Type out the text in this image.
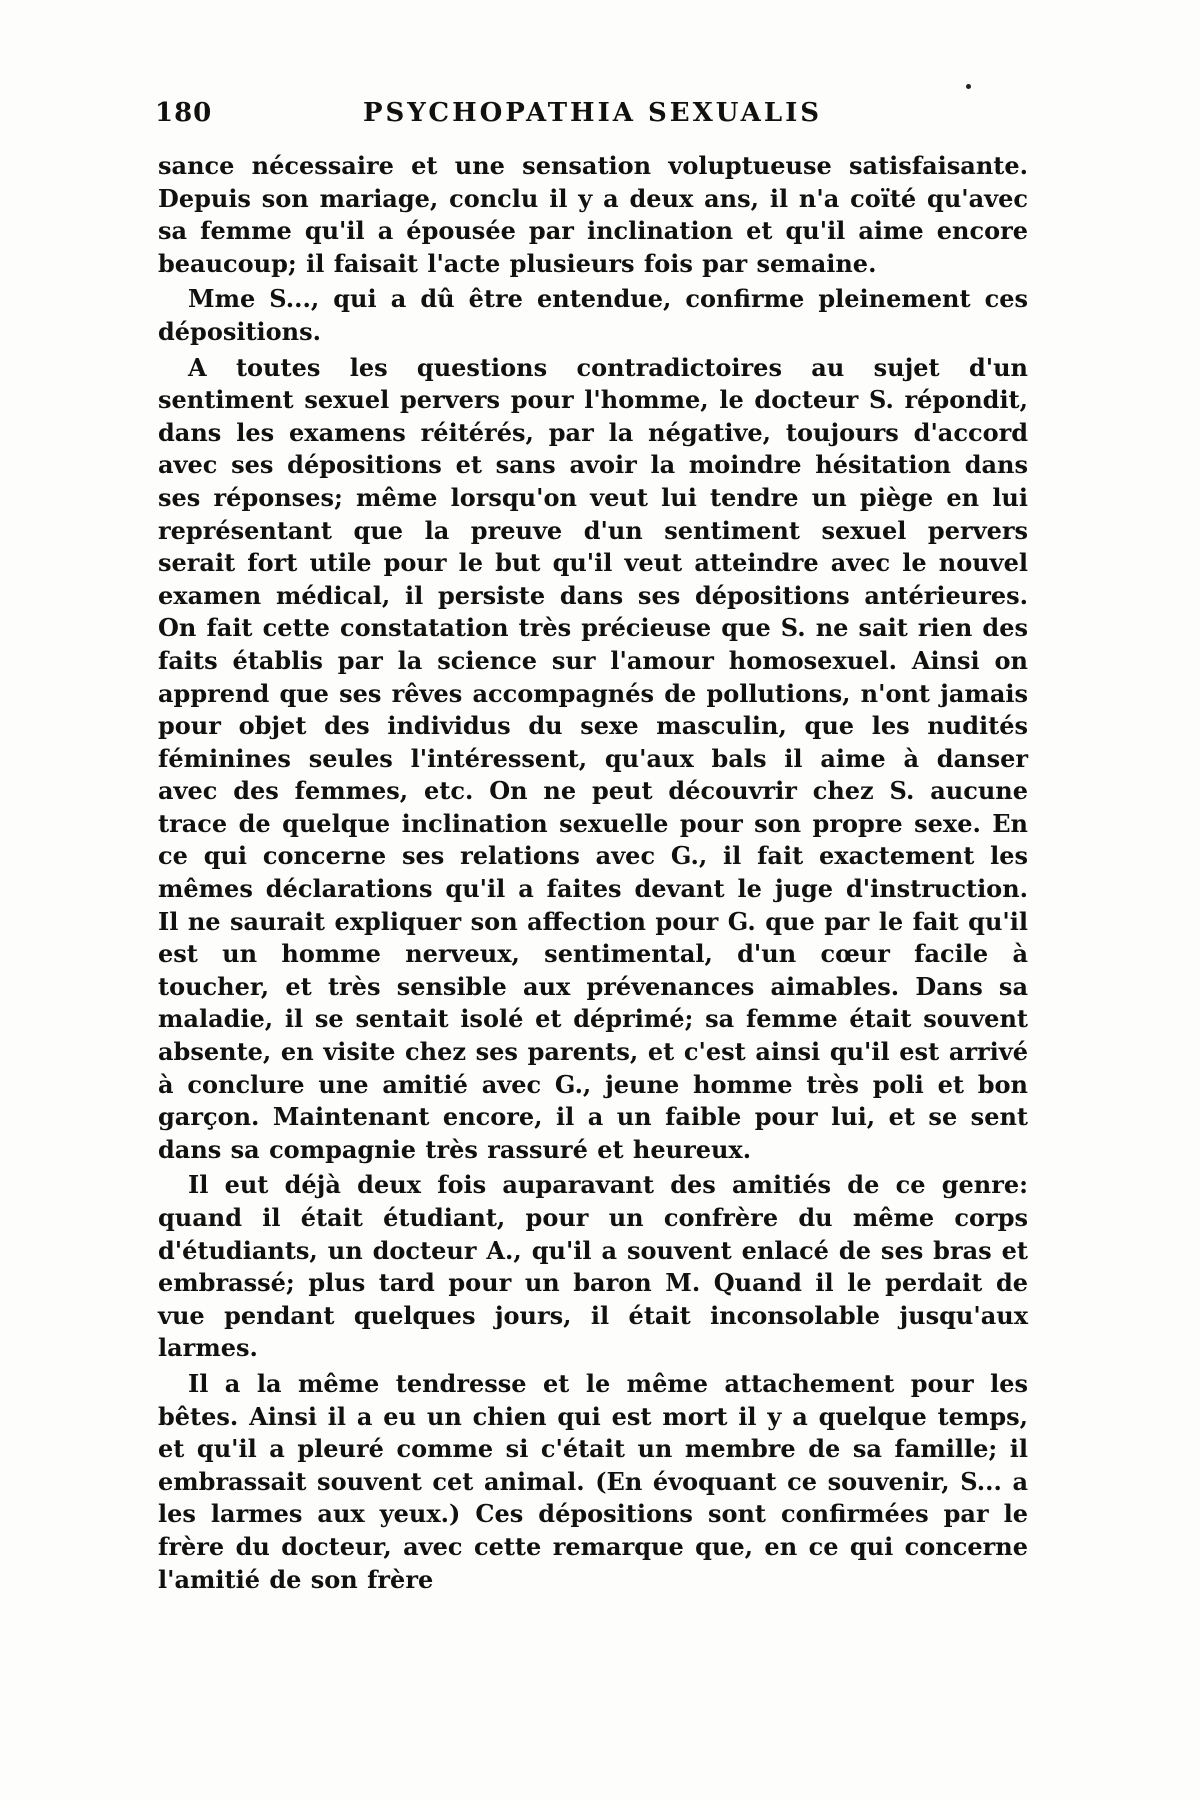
180	PSYCHOPATHIA SEXUALIS

sance nécessaire et une sensation voluptueuse satisfaisante. Depuis son mariage, conclu il y a deux ans, il n'a coïté qu'avec sa femme qu'il a épousée par inclination et qu'il aime encore beaucoup; il faisait l'acte plusieurs fois par semaine.

Mme S..., qui a dû être entendue, confirme pleinement ces dépositions.

A toutes les questions contradictoires au sujet d'un sentiment sexuel pervers pour l'homme, le docteur S. répondit, dans les examens réitérés, par la négative, toujours d'accord avec ses dépositions et sans avoir la moindre hésitation dans ses réponses; même lorsqu'on veut lui tendre un piège en lui représentant que la preuve d'un sentiment sexuel pervers serait fort utile pour le but qu'il veut atteindre avec le nouvel examen médical, il persiste dans ses dépositions antérieures. On fait cette constatation très précieuse que S. ne sait rien des faits établis par la science sur l'amour homosexuel. Ainsi on apprend que ses rêves accompagnés de pollutions, n'ont jamais pour objet des individus du sexe masculin, que les nudités féminines seules l'intéressent, qu'aux bals il aime à danser avec des femmes, etc. On ne peut découvrir chez S. aucune trace de quelque inclination sexuelle pour son propre sexe. En ce qui concerne ses relations avec G., il fait exactement les mêmes déclarations qu'il a faites devant le juge d'instruction. Il ne saurait expliquer son affection pour G. que par le fait qu'il est un homme nerveux, sentimental, d'un cœur facile à toucher, et très sensible aux prévenances aimables. Dans sa maladie, il se sentait isolé et déprimé; sa femme était souvent absente, en visite chez ses parents, et c'est ainsi qu'il est arrivé à conclure une amitié avec G., jeune homme très poli et bon garçon. Maintenant encore, il a un faible pour lui, et se sent dans sa compagnie très rassuré et heureux.

Il eut déjà deux fois auparavant des amitiés de ce genre: quand il était étudiant, pour un confrère du même corps d'étudiants, un docteur A., qu'il a souvent enlacé de ses bras et embrassé; plus tard pour un baron M. Quand il le perdait de vue pendant quelques jours, il était inconsolable jusqu'aux larmes.

Il a la même tendresse et le même attachement pour les bêtes. Ainsi il a eu un chien qui est mort il y a quelque temps, et qu'il a pleuré comme si c'était un membre de sa famille; il embrassait souvent cet animal. (En évoquant ce souvenir, S... a les larmes aux yeux.) Ces dépositions sont confirmées par le frère du docteur, avec cette remarque que, en ce qui concerne l'amitié de son frère
